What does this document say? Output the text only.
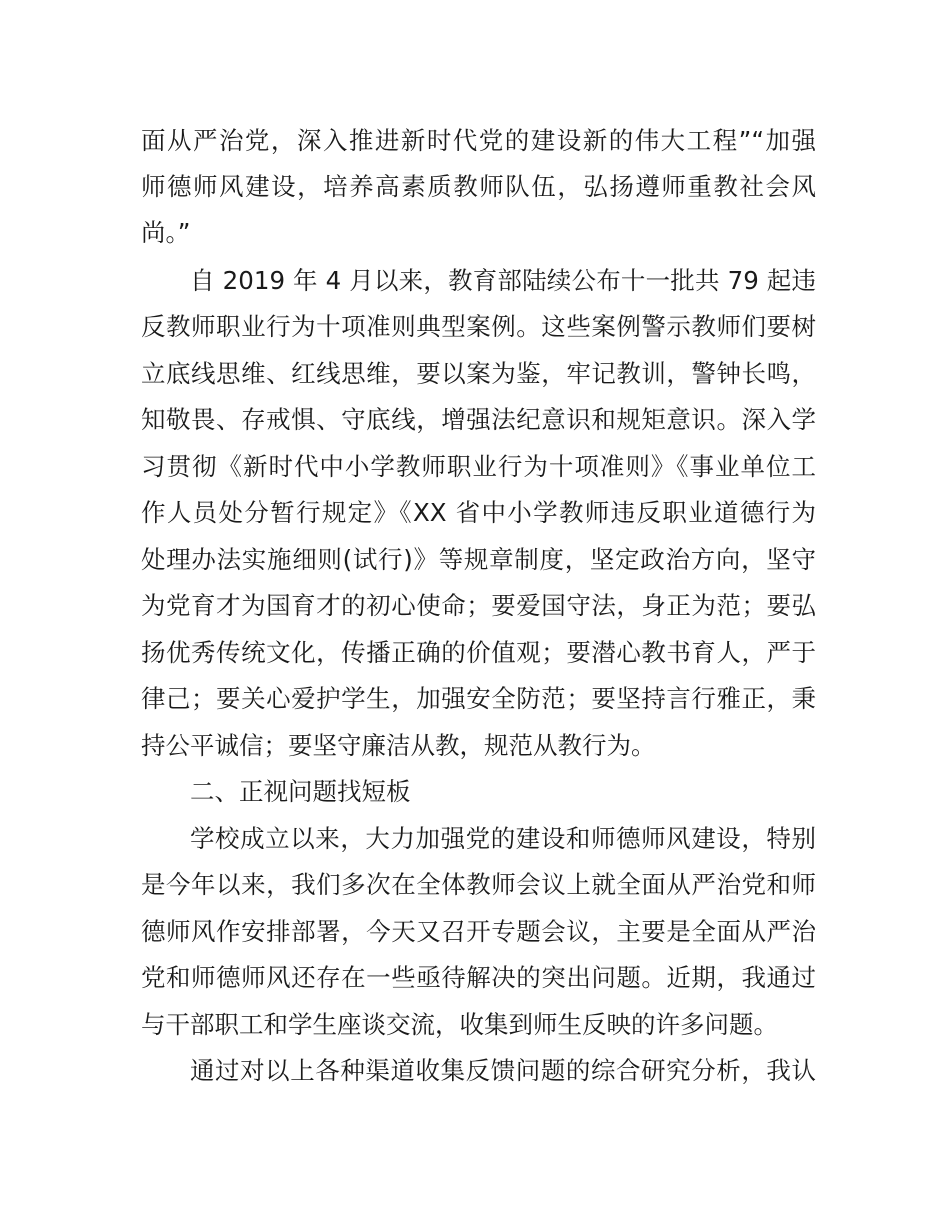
面从严治党，深入推进新时代党的建设新的伟大工程”“加强
师德师风建设，培养高素质教师队伍，弘扬遵师重教社会风
尚。”
自 2019 年 4 月以来，教育部陆续公布十一批共 79 起违
反教师职业行为十项准则典型案例。这些案例警示教师们要树
立底线思维、红线思维，要以案为鉴，牢记教训，警钟长鸣，
知敬畏、存戒惧、守底线，增强法纪意识和规矩意识。深入学
习贯彻《新时代中小学教师职业行为十项准则》《事业单位工
作人员处分暂行规定》《XX 省中小学教师违反职业道德行为
处理办法实施细则(试行)》等规章制度，坚定政治方向，坚守
为党育才为国育才的初心使命；要爱国守法，身正为范；要弘
扬优秀传统文化，传播正确的价值观；要潜心教书育人，严于
律己；要关心爱护学生，加强安全防范；要坚持言行雅正，秉
持公平诚信；要坚守廉洁从教，规范从教行为。
二、正视问题找短板
学校成立以来，大力加强党的建设和师德师风建设，特别
是今年以来，我们多次在全体教师会议上就全面从严治党和师
德师风作安排部署，今天又召开专题会议，主要是全面从严治
党和师德师风还存在一些亟待解决的突出问题。近期，我通过
与干部职工和学生座谈交流，收集到师生反映的许多问题。
通过对以上各种渠道收集反馈问题的综合研究分析，我认
